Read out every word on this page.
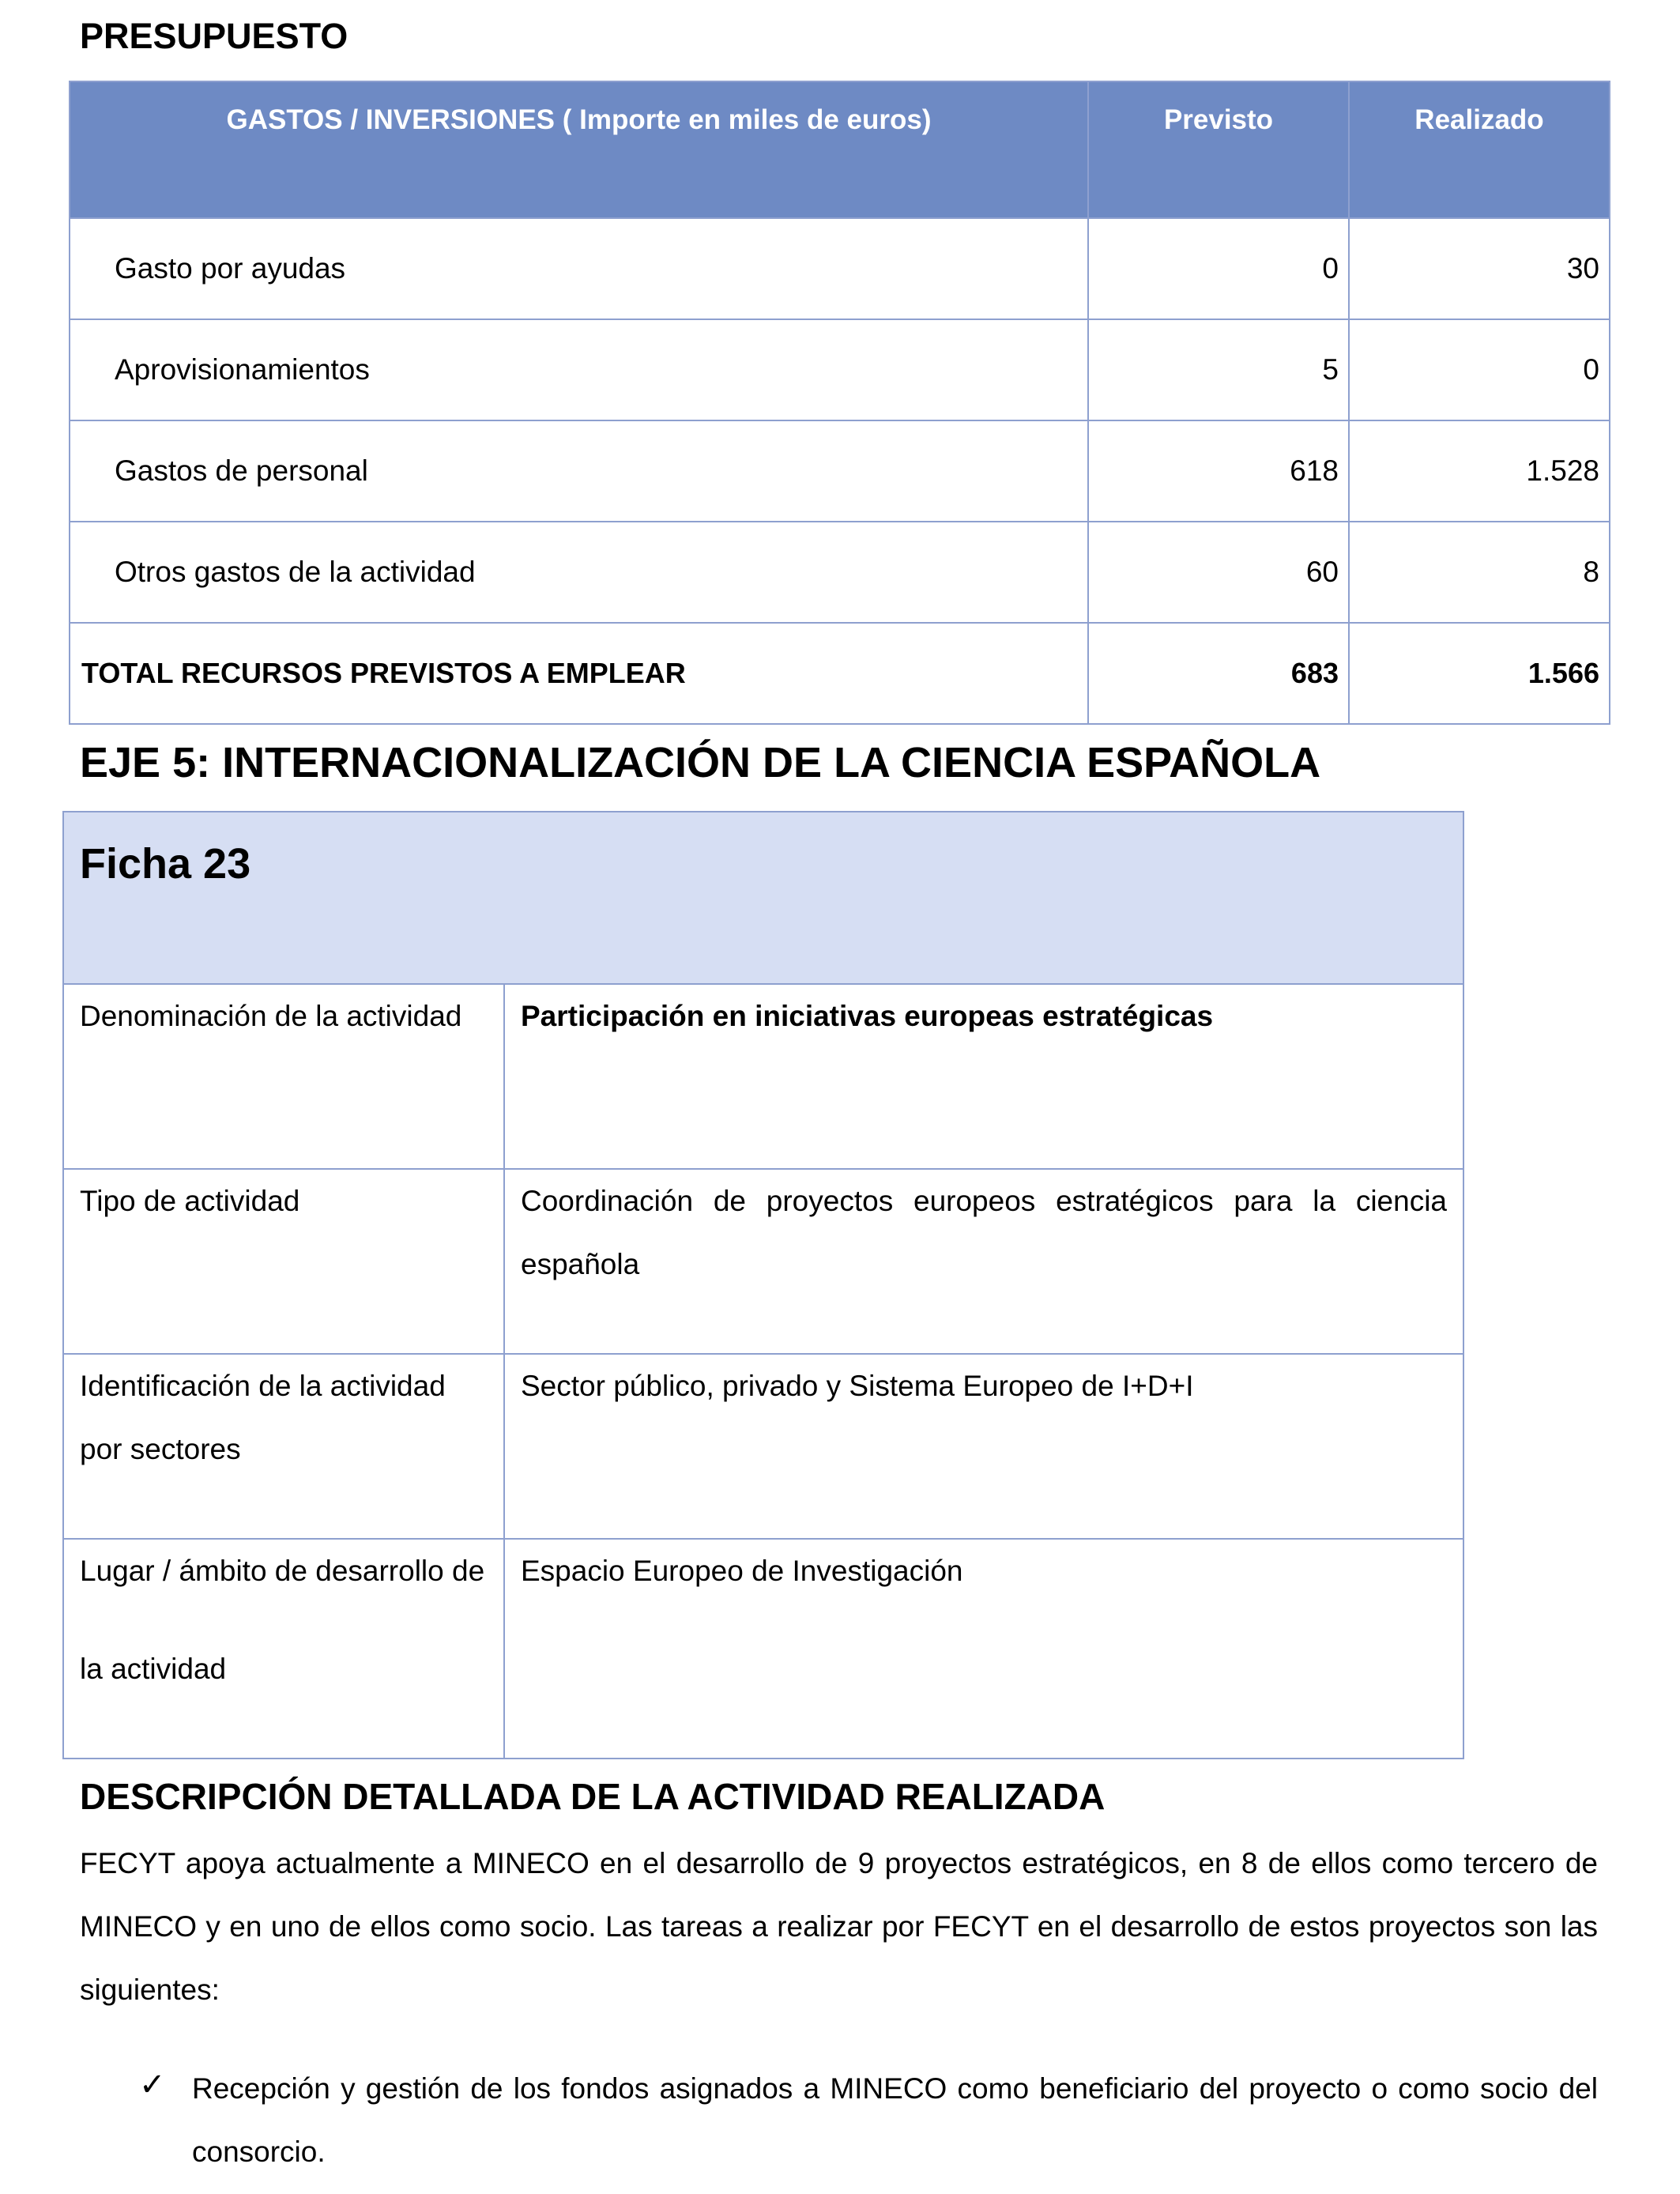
PRESUPUESTO
GASTOS / INVERSIONES ( Importe en miles de euros)	Previsto	Realizado
Gasto por ayudas	0	30
Aprovisionamientos	5	0
Gastos de personal	618	1.528
Otros gastos de la actividad	60	8
TOTAL RECURSOS PREVISTOS A EMPLEAR	683	1.566
EJE 5: INTERNACIONALIZACIÓN DE LA CIENCIA ESPAÑOLA
Ficha 23	
Denominación de la actividad	Participación en iniciativas europeas estratégicas
Tipo de actividad	Coordinación de proyectos europeos estratégicos para la ciencia española
Identificación de la actividad por sectores	Sector público, privado y Sistema Europeo de I+D+I

Lugar / ámbito de desarrollo de la actividad	Espacio Europeo de Investigación
DESCRIPCIÓN DETALLADA DE LA ACTIVIDAD REALIZADA
FECYT apoya actualmente a MINECO en el desarrollo de 9 proyectos estratégicos, en 8 de ellos como tercero de MINECO y en uno de ellos como socio. Las tareas a realizar por FECYT en el desarrollo de estos proyectos son las siguientes:
✓ Recepción y gestión de los fondos asignados a MINECO como beneficiario del proyecto o como socio del consorcio.
